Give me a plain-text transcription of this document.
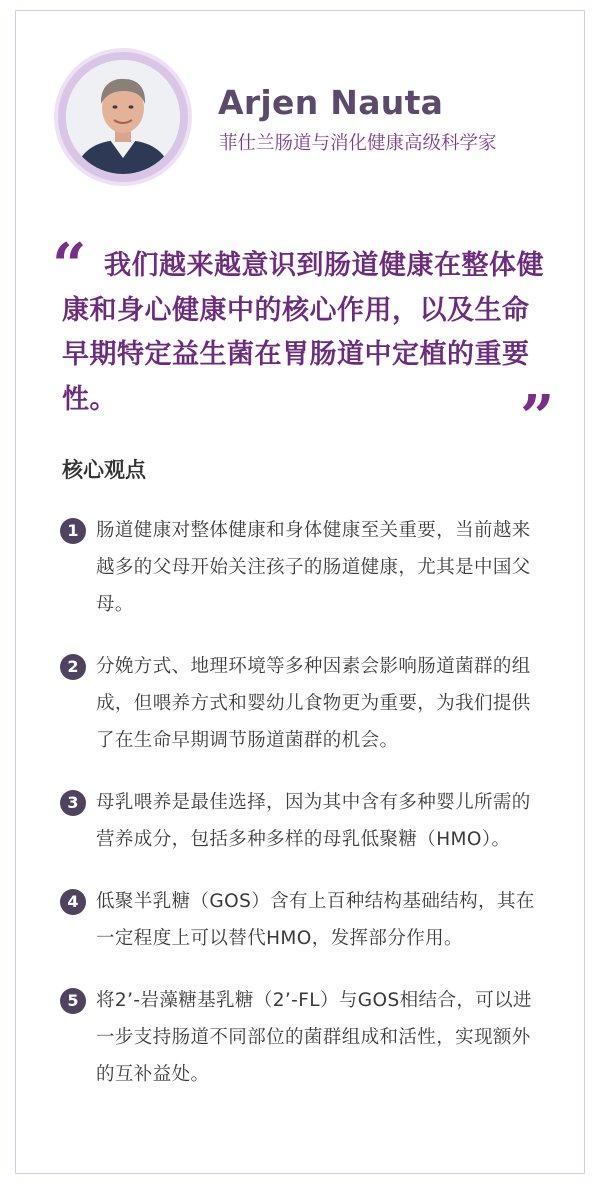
Arjen Nauta
菲仕兰肠道与消化健康高级科学家
“ 我们越来越意识到肠道健康在整体健康和身心健康中的核心作用，以及生命早期特定益生菌在胃肠道中定植的重要性。	”
核心观点
1 肠道健康对整体健康和身体健康至关重要，当前越来越多的父母开始关注孩子的肠道健康，尤其是中国父母。
2 分娩方式、地理环境等多种因素会影响肠道菌群的组成，但喂养方式和婴幼儿食物更为重要，为我们提供了在生命早期调节肠道菌群的机会。
3 母乳喂养是最佳选择，因为其中含有多种婴儿所需的营养成分，包括多种多样的母乳低聚糖（HMO）。
4 低聚半乳糖（GOS）含有上百种结构基础结构，其在一定程度上可以替代HMO，发挥部分作用。
5 将2’-岩藻糖基乳糖（2’-FL）与GOS相结合，可以进一步支持肠道不同部位的菌群组成和活性，实现额外的互补益处。
